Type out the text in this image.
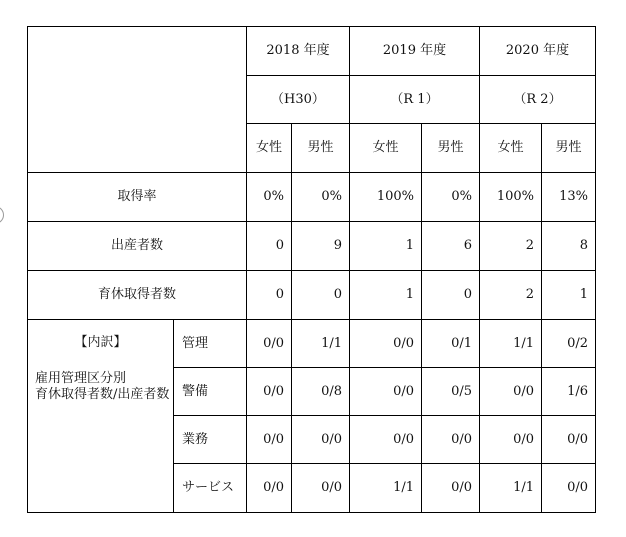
		2018 年度		2019 年度		2020 年度	
		（H30）		（R 1）		（R 2）	
		女性	男性	女性	男性	女性	男性
取得率		0%	0%	100%	0%	100%	13%
出産者数		0	9	1	6	2	8
育休取得者数		0	0	1	0	2	1

【内訳】
雇用管理区分別
育休取得者数/出産者数	管理	0/0	1/1	0/0	0/1	1/1	0/2
	警備	0/0	0/8	0/0	0/5	0/0	1/6
	業務	0/0	0/0	0/0	0/0	0/0	0/0
	サービス	0/0	0/0	1/1	0/0	1/1	0/0
